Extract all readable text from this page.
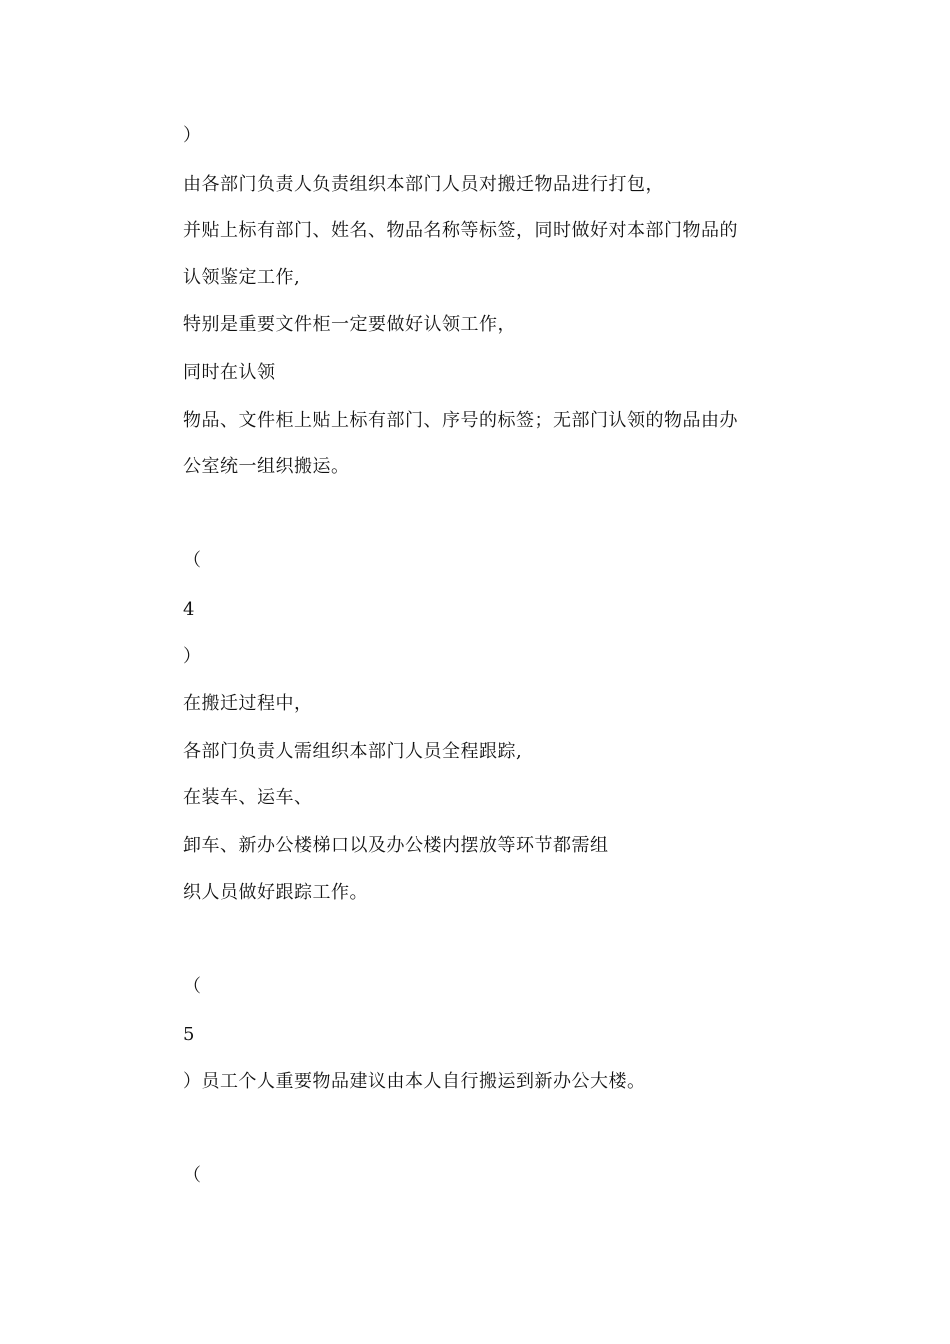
）
由各部门负责人负责组织本部门人员对搬迁物品进行打包，
并贴上标有部门、姓名、物品名称等标签，同时做好对本部门物品的
认领鉴定工作,
特别是重要文件柜一定要做好认领工作，
同时在认领
物品、文件柜上贴上标有部门、序号的标签；无部门认领的物品由办
公室统一组织搬运。
（
4
）
在搬迁过程中，
各部门负责人需组织本部门人员全程跟踪,
在装车、运车、
卸车、新办公楼梯口以及办公楼内摆放等环节都需组
织人员做好跟踪工作。
（
5
）员工个人重要物品建议由本人自行搬运到新办公大楼。
（
